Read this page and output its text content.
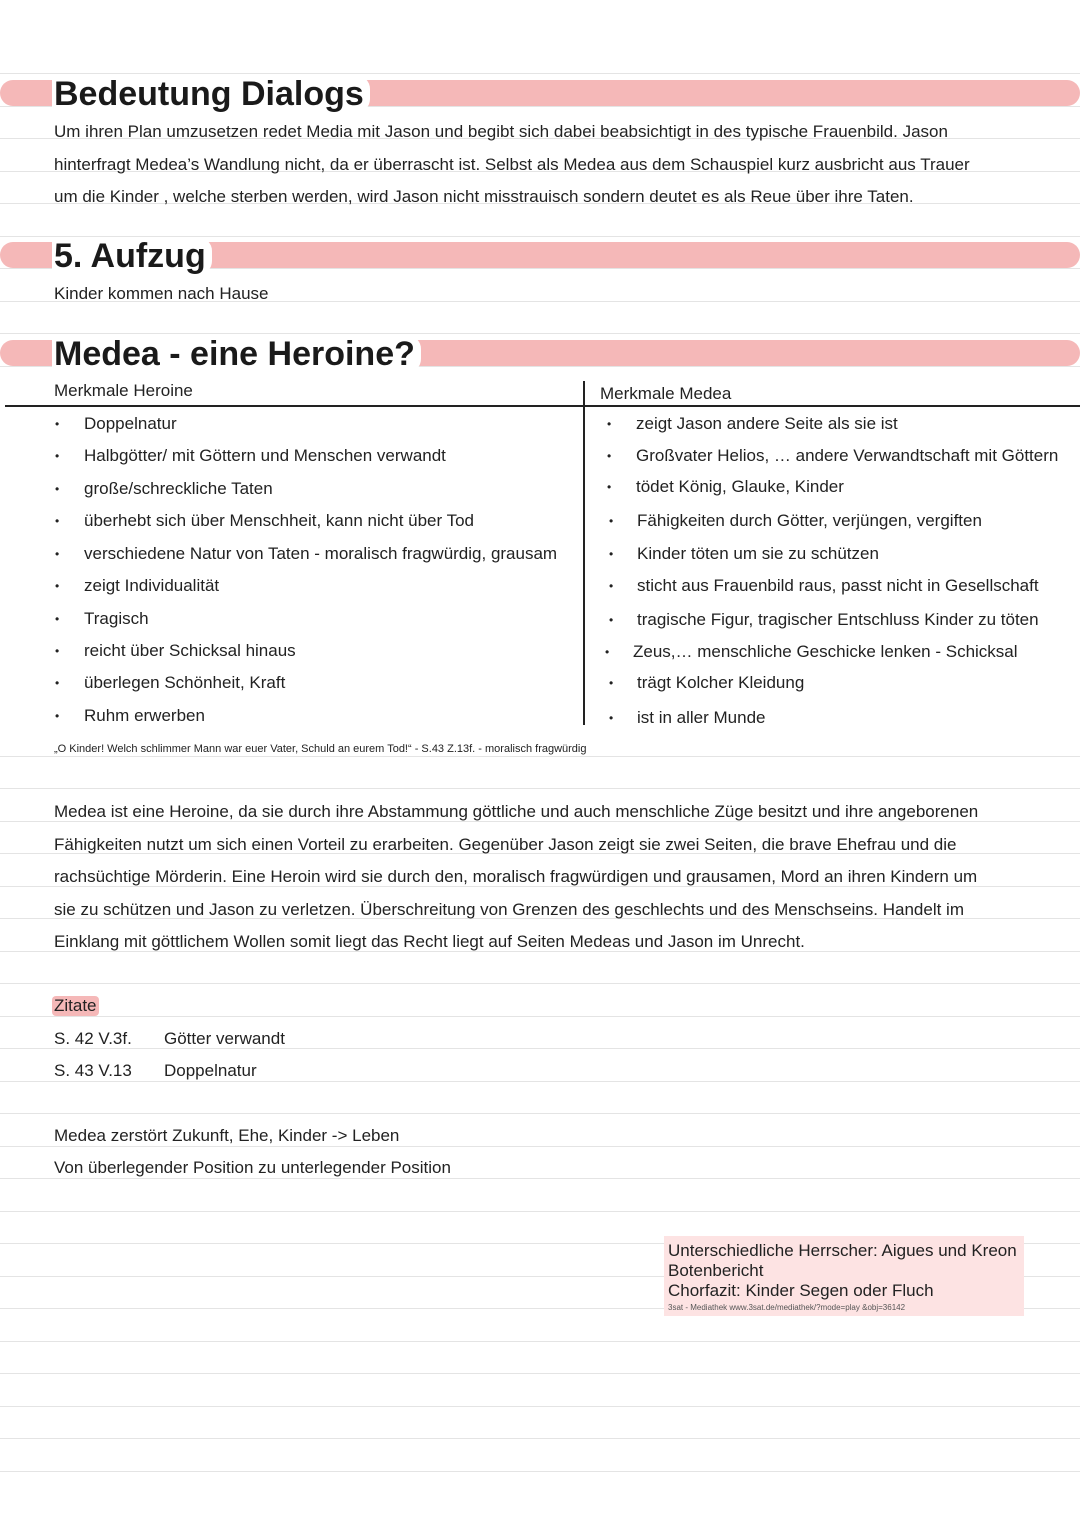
Bedeutung Dialogs
Um ihren Plan umzusetzen redet Media mit Jason und begibt sich dabei beabsichtigt in des typische Frauenbild. Jason
hinterfragt Medea’s Wandlung nicht, da er überrascht ist. Selbst als Medea aus dem Schauspiel kurz ausbricht aus Trauer
um die Kinder , welche sterben werden, wird Jason nicht misstrauisch sondern deutet es als Reue über ihre Taten.
5. Aufzug
Kinder kommen nach Hause
Medea - eine Heroine?
Merkmale Heroine	Merkmale Medea
• Doppelnatur
• Halbgötter/ mit Göttern und Menschen verwandt
• große/schreckliche Taten
• überhebt sich über Menschheit, kann nicht über Tod
• verschiedene Natur von Taten - moralisch fragwürdig, grausam
• zeigt Individualität
• Tragisch
• reicht über Schicksal hinaus
• überlegen Schönheit, Kraft
• Ruhm erwerben
• zeigt Jason andere Seite als sie ist
• Großvater Helios, … andere Verwandtschaft mit Göttern
• tödet König, Glauke, Kinder
• Fähigkeiten durch Götter, verjüngen, vergiften
• Kinder töten um sie zu schützen
• sticht aus Frauenbild raus, passt nicht in Gesellschaft
• tragische Figur, tragischer Entschluss Kinder zu töten
• Zeus,… menschliche Geschicke lenken - Schicksal
• trägt Kolcher Kleidung
• ist in aller Munde
„O Kinder! Welch schlimmer Mann war euer Vater, Schuld an eurem Tod!“ - S.43 Z.13f. - moralisch fragwürdig
Medea ist eine Heroine, da sie durch ihre Abstammung göttliche und auch menschliche Züge besitzt und ihre angeborenen
Fähigkeiten nutzt um sich einen Vorteil zu erarbeiten. Gegenüber Jason zeigt sie zwei Seiten, die brave Ehefrau und die
rachsüchtige Mörderin. Eine Heroin wird sie durch den, moralisch fragwürdigen und grausamen, Mord an ihren Kindern um
sie zu schützen und Jason zu verletzen. Überschreitung von Grenzen des geschlechts und des Menschseins. Handelt im
Einklang mit göttlichem Wollen somit liegt das Recht liegt auf Seiten Medeas und Jason im Unrecht.
Zitate
S. 42 V.3f. Götter verwandt
S. 43 V.13 Doppelnatur
Medea zerstört Zukunft, Ehe, Kinder -> Leben
Von überlegender Position zu unterlegender Position
Unterschiedliche Herrscher: Aigues und Kreon
Botenbericht
Chorfazit: Kinder Segen oder Fluch
3sat - Mediathek www.3sat.de/mediathek/?mode=play &obj=36142
